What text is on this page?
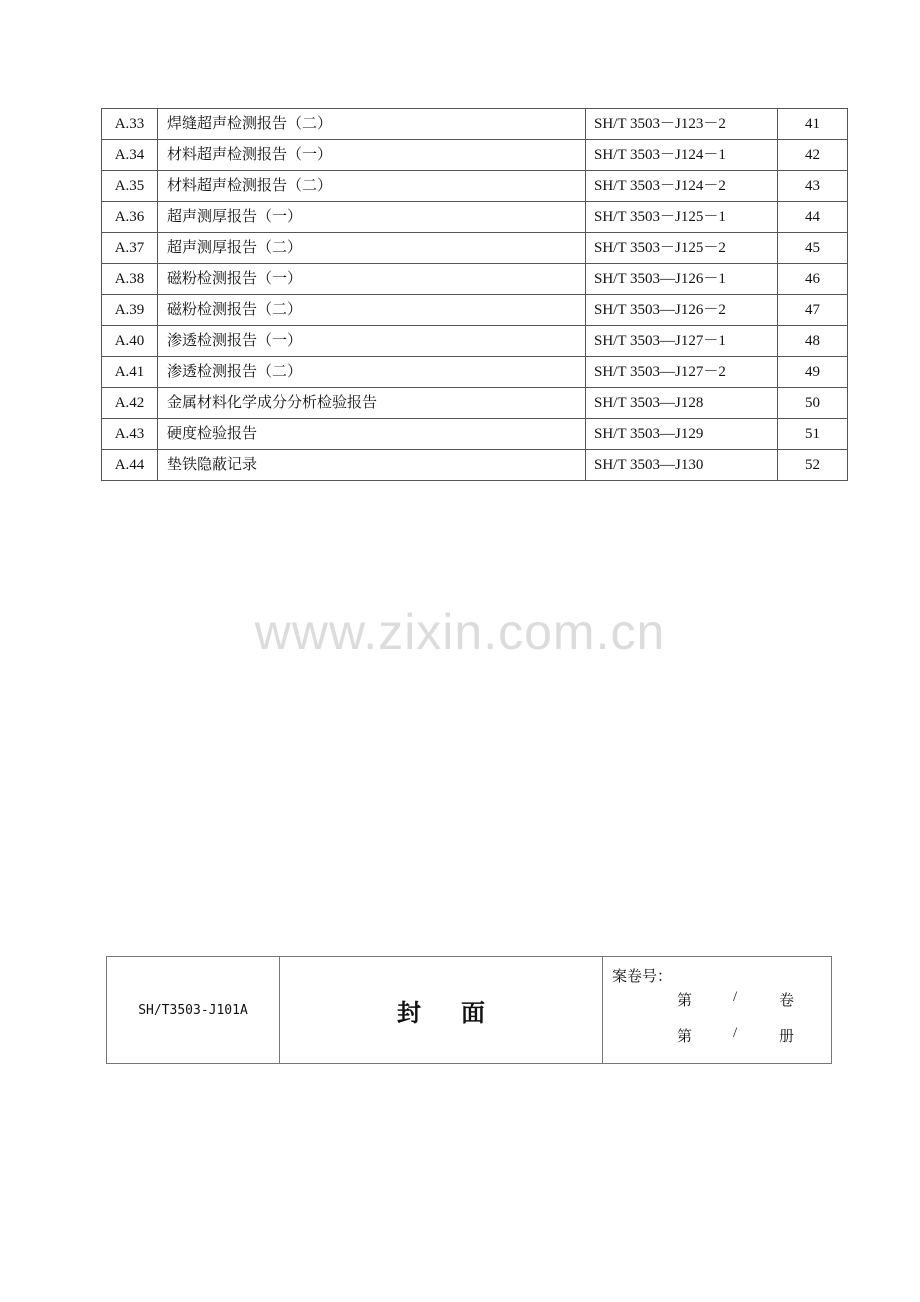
A.33	焊缝超声检测报告（二）	SH/T 3503－J123－2	41
A.34	材料超声检测报告（一）	SH/T 3503－J124－1	42
A.35	材料超声检测报告（二）	SH/T 3503－J124－2	43
A.36	超声测厚报告（一）	SH/T 3503－J125－1	44
A.37	超声测厚报告（二）	SH/T 3503－J125－2	45
A.38	磁粉检测报告（一）	SH/T 3503—J126－1	46
A.39	磁粉检测报告（二）	SH/T 3503—J126－2	47
A.40	渗透检测报告（一）	SH/T 3503—J127－1	48
A.41	渗透检测报告（二）	SH/T 3503—J127－2	49
A.42	金属材料化学成分分析检验报告	SH/T 3503—J128	50
A.43	硬度检验报告	SH/T 3503—J129	51
A.44	垫铁隐蔽记录	SH/T 3503—J130	52
www.zixin.com.cn
SH/T3503-J101A	封 面	
案卷号：
第	/	卷
第	/	册
